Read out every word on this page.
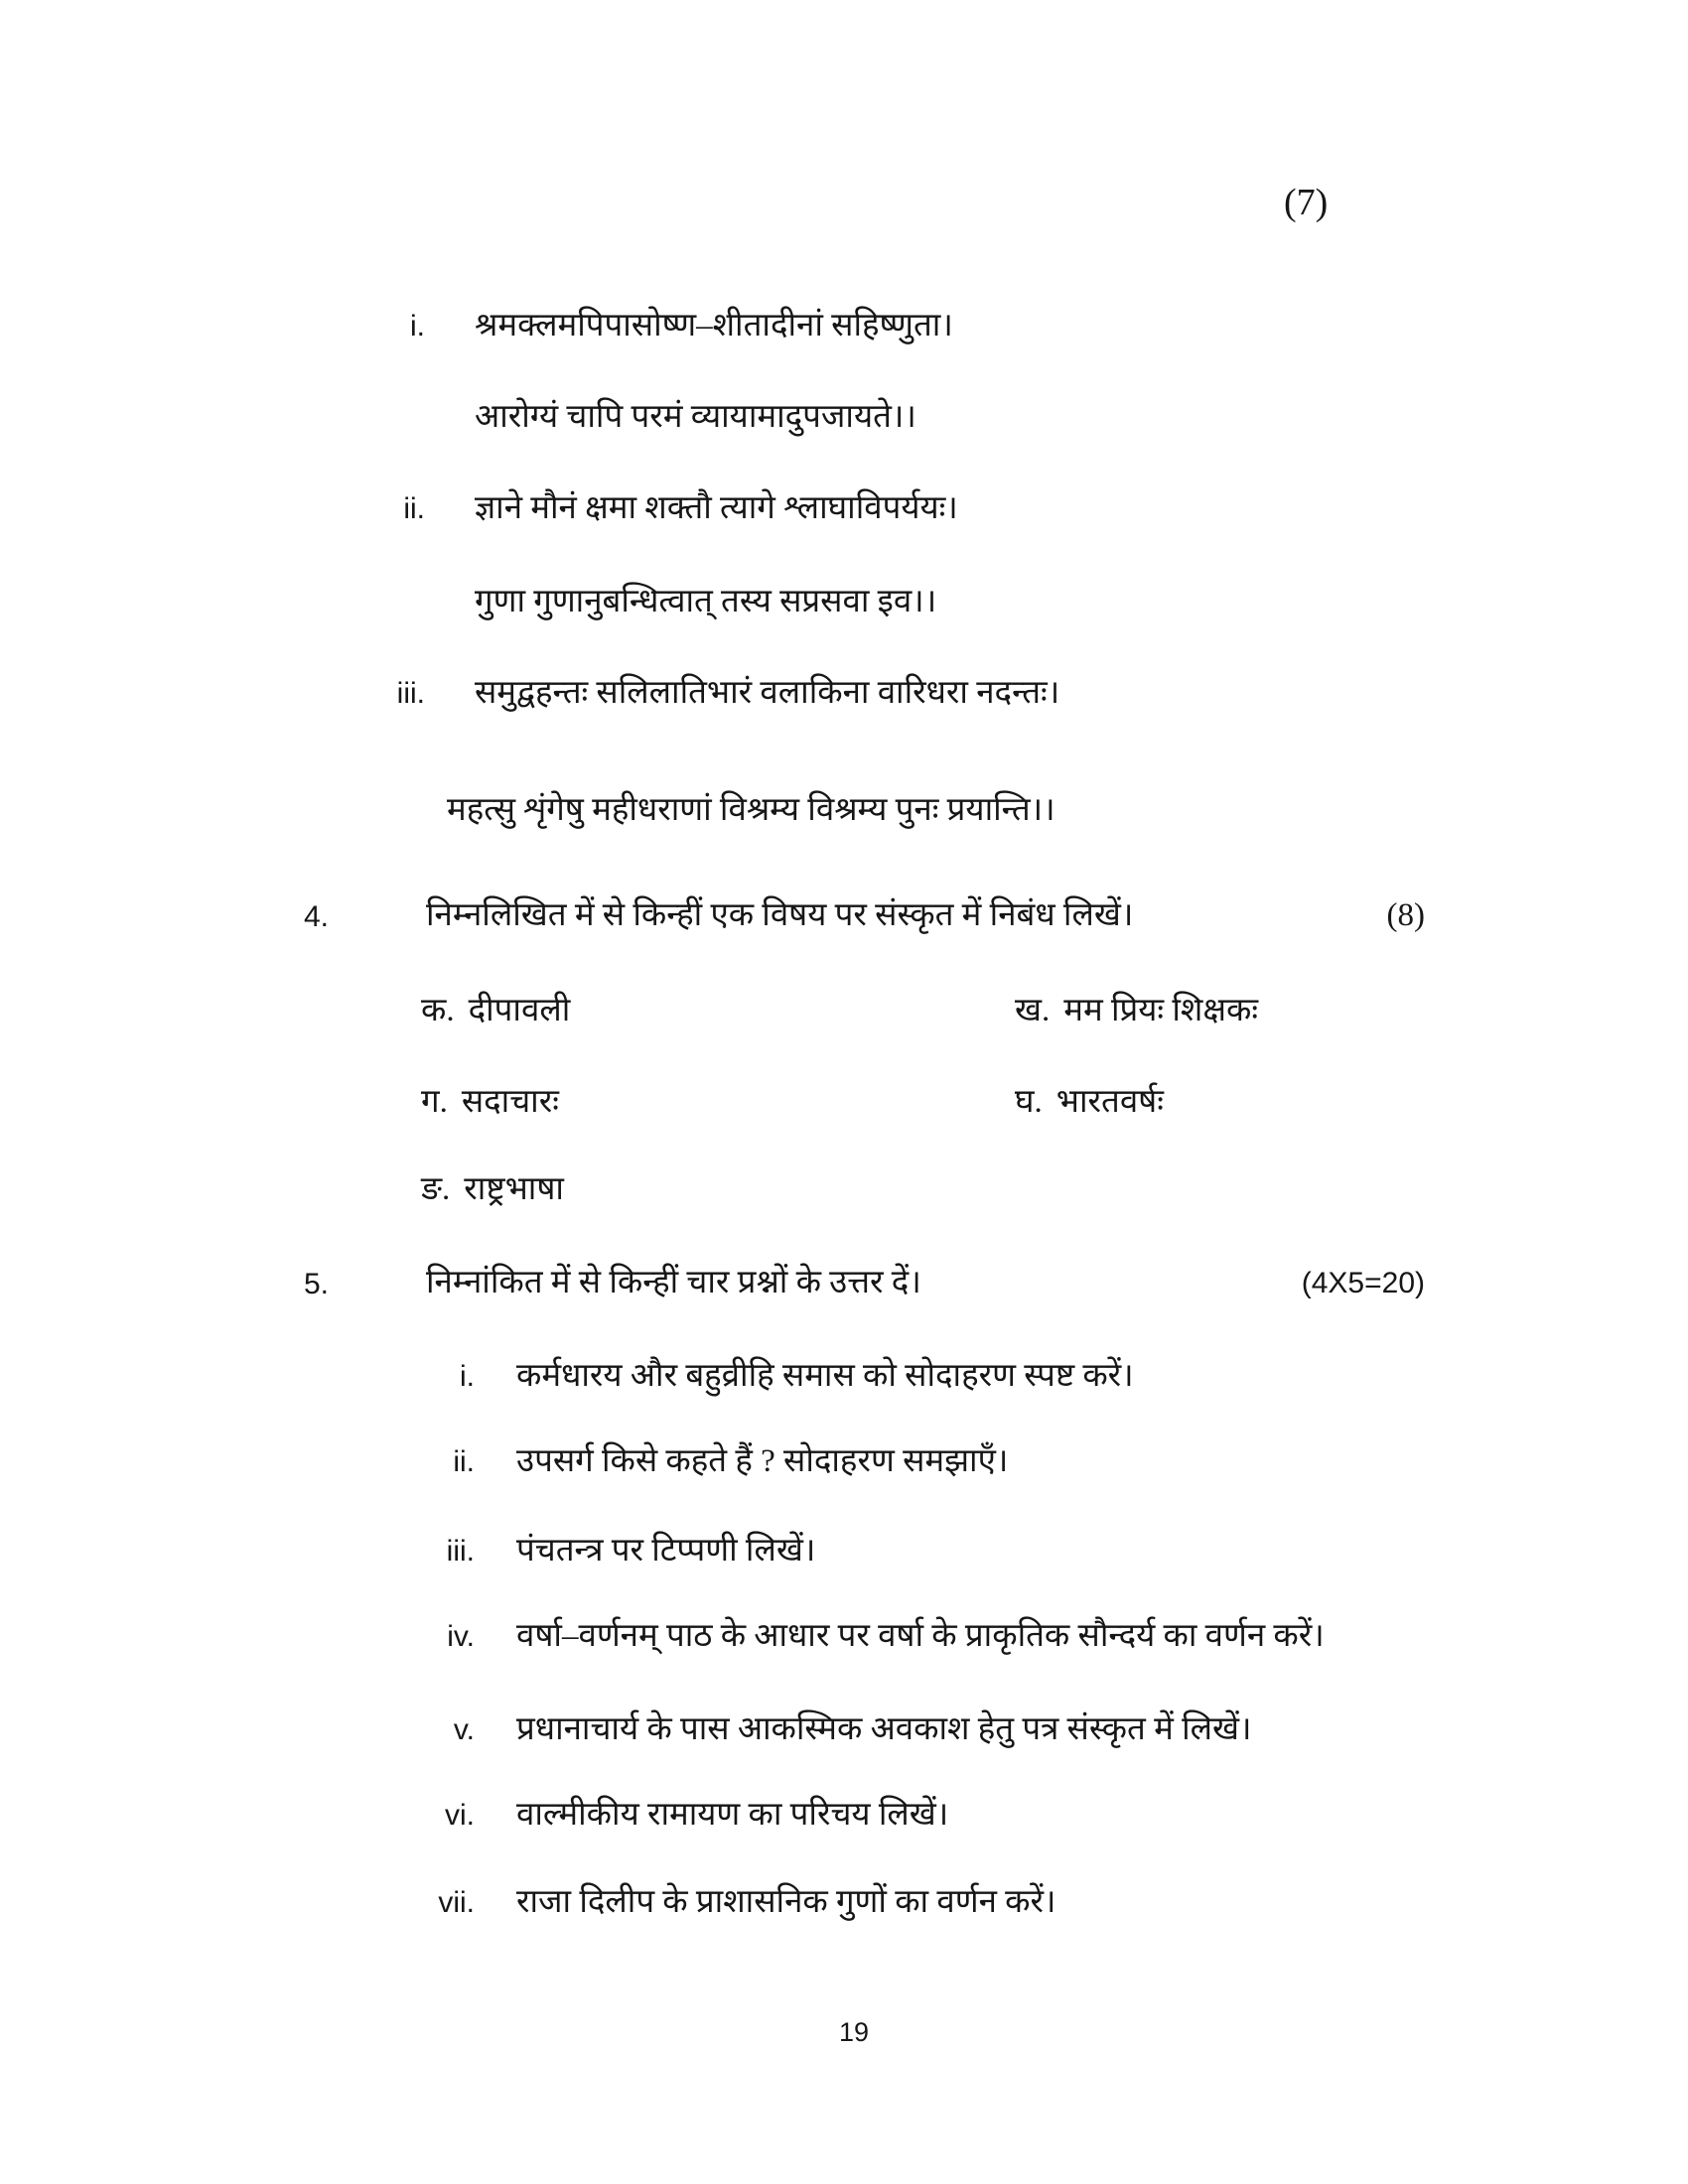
(7)
i. श्रमक्लमपिपासोष्ण–शीतादीनां सहिष्णुता।
आरोग्यं चापि परमं व्यायामादुपजायते।।
ii. ज्ञाने मौनं क्षमा शक्तौ त्यागे श्लाघाविपर्ययः।
गुणा गुणानुबन्धित्वात् तस्य सप्रसवा इव।।
iii. समुद्वहन्तः सलिलातिभारं वलाकिना वारिधरा नदन्तः।
महत्सु शृंगेषु महीधराणां विश्रम्य विश्रम्य पुनः प्रयान्ति।।
4.	निम्नलिखित में से किन्हीं एक विषय पर संस्कृत में निबंध लिखें।	(8)
क. दीपावली	ख. मम प्रियः शिक्षकः
ग. सदाचारः	घ. भारतवर्षः
ङ. राष्ट्रभाषा
5.	निम्नांकित में से किन्हीं चार प्रश्नों के उत्तर दें।	(4X5=20)
i. कर्मधारय और बहुव्रीहि समास को सोदाहरण स्पष्ट करें।
ii. उपसर्ग किसे कहते हैं ? सोदाहरण समझाएँ।
iii. पंचतन्त्र पर टिप्पणी लिखें।
iv. वर्षा–वर्णनम् पाठ के आधार पर वर्षा के प्राकृतिक सौन्दर्य का वर्णन करें।
v. प्रधानाचार्य के पास आकस्मिक अवकाश हेतु पत्र संस्कृत में लिखें।
vi. वाल्मीकीय रामायण का परिचय लिखें।
vii. राजा दिलीप के प्राशासनिक गुणों का वर्णन करें।
19
